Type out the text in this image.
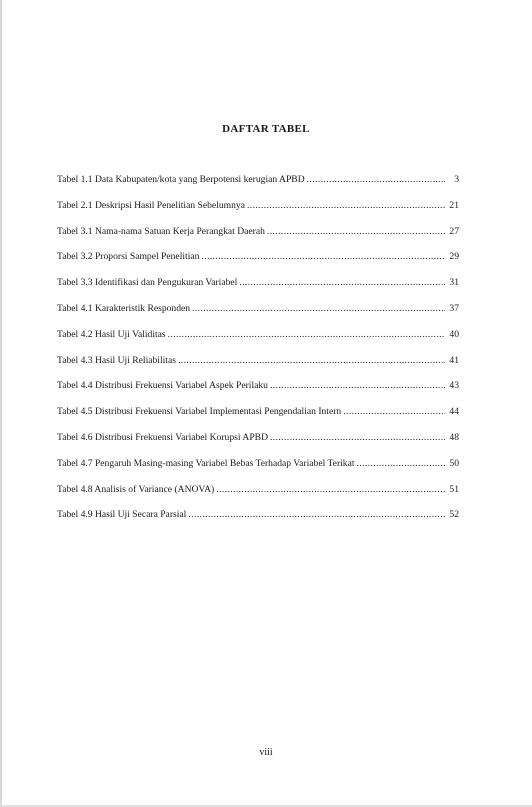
DAFTAR TABEL
Tabel 1.1 Data Kabupaten/kota yang Berpotensi kerugian APBD .....	3
Tabel 2.1 Deskripsi Hasil Penelitian Sebelumnya .....	21
Tabel 3.1 Nama-nama Satuan Kerja Perangkat Daerah .....	27
Tabel 3.2 Proporsi Sampel Penelitian .....	29
Tabel 3.3 Identifikasi dan Pengukuran Variabel .....	31
Tabel 4.1 Karakteristik Responden .....	37
Tabel 4.2 Hasil Uji Validitas .....	40
Tabel 4.3 Hasil Uji Reliabilitas .....	41
Tabel 4.4 Distribusi Frekuensi Variabel Aspek Perilaku .....	43
Tabel 4.5 Distribusi Frekuensi Variabel Implementasi Pengendalian Intern .....	44
Tabel 4.6 Distribusi Frekuensi Variabel Korupsi APBD .....	48
Tabel 4.7 Pengaruh Masing-masing Variabel Bebas Terhadap Variabel Terikat .....	50
Tabel 4.8 Analisis of Variance (ANOVA) .....	51
Tabel 4.9 Hasil Uji Secara Parsial .....	52
viii
